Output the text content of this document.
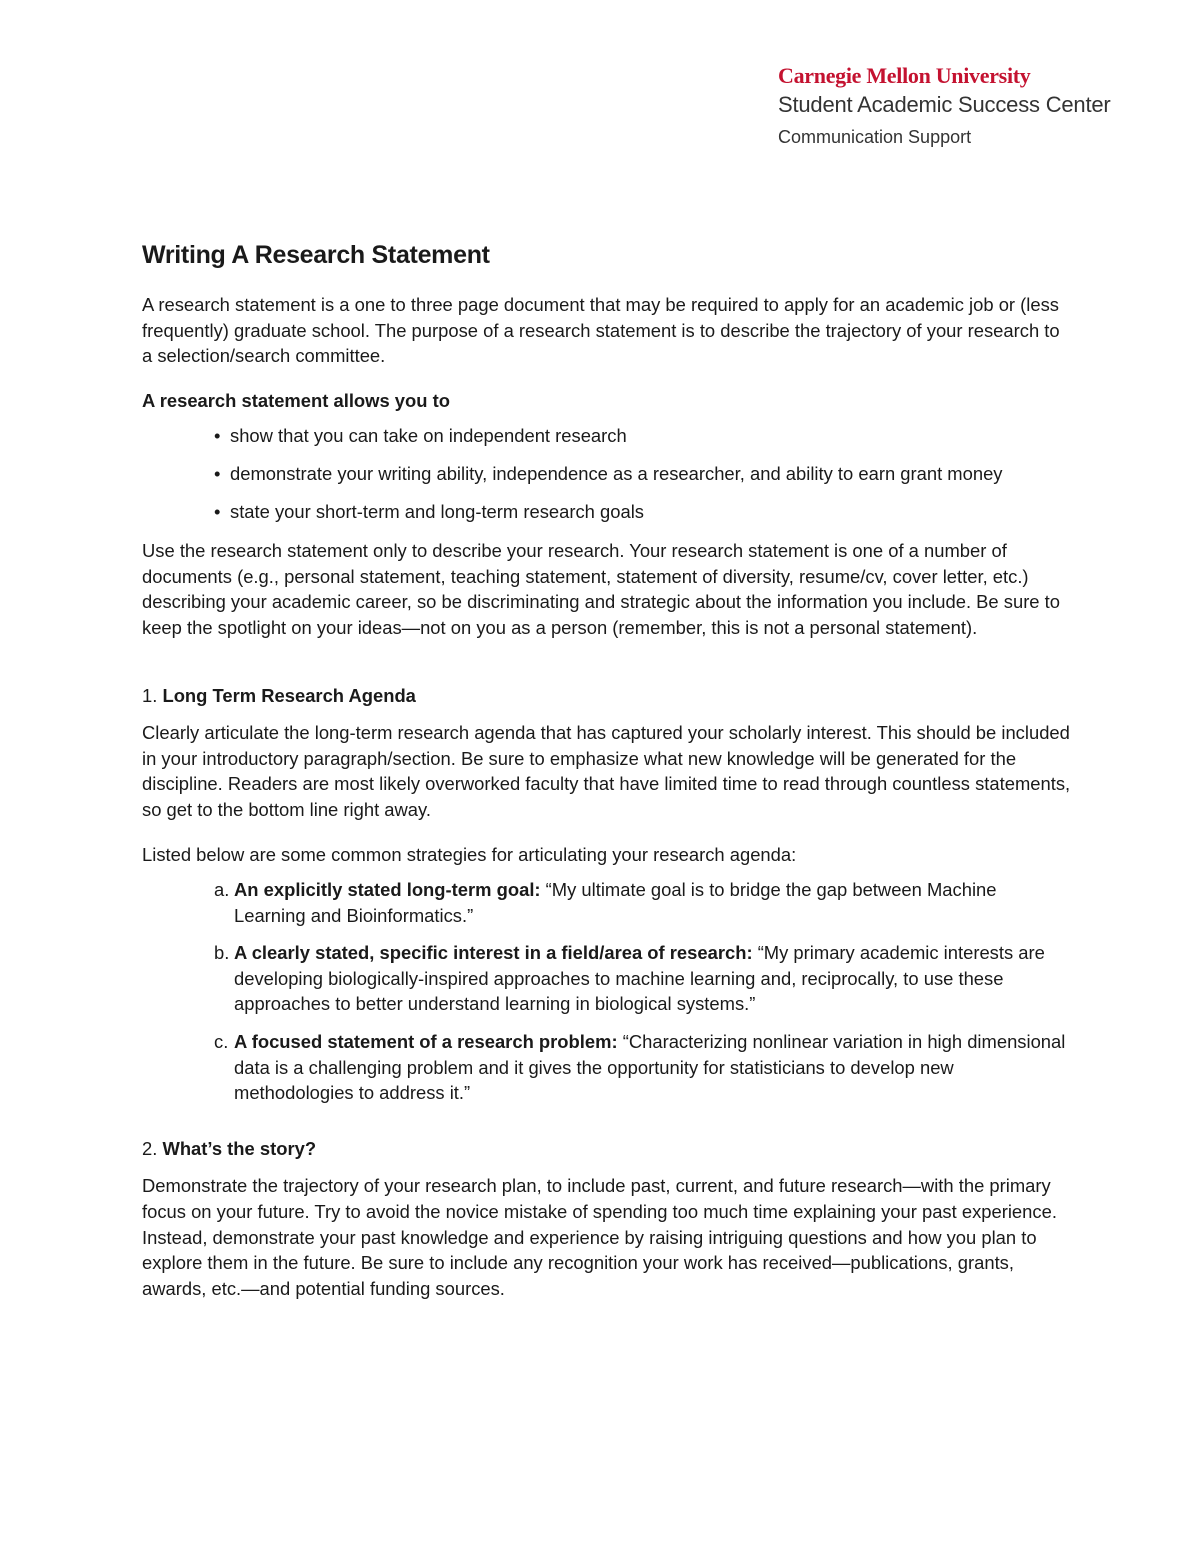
Carnegie Mellon University
Student Academic Success Center
Communication Support
Writing A Research Statement

A research statement is a one to three page document that may be required to apply for an academic job or (less frequently) graduate school. The purpose of a research statement is to describe the trajectory of your research to a selection/search committee.

A research statement allows you to

• show that you can take on independent research
• demonstrate your writing ability, independence as a researcher, and ability to earn grant money
• state your short-term and long-term research goals

Use the research statement only to describe your research. Your research statement is one of a number of documents (e.g., personal statement, teaching statement, statement of diversity, resume/cv, cover letter, etc.) describing your academic career, so be discriminating and strategic about the information you include. Be sure to keep the spotlight on your ideas—not on you as a person (remember, this is not a personal statement).

1. Long Term Research Agenda

Clearly articulate the long-term research agenda that has captured your scholarly interest. This should be included in your introductory paragraph/section. Be sure to emphasize what new knowledge will be generated for the discipline. Readers are most likely overworked faculty that have limited time to read through countless statements, so get to the bottom line right away.

Listed below are some common strategies for articulating your research agenda:

a. An explicitly stated long-term goal: “My ultimate goal is to bridge the gap between Machine Learning and Bioinformatics.”
b. A clearly stated, specific interest in a field/area of research: “My primary academic interests are developing biologically-inspired approaches to machine learning and, reciprocally, to use these approaches to better understand learning in biological systems.”
c. A focused statement of a research problem: “Characterizing nonlinear variation in high dimensional data is a challenging problem and it gives the opportunity for statisticians to develop new methodologies to address it.”

2. What’s the story?

Demonstrate the trajectory of your research plan, to include past, current, and future research—with the primary focus on your future. Try to avoid the novice mistake of spending too much time explaining your past experience. Instead, demonstrate your past knowledge and experience by raising intriguing questions and how you plan to explore them in the future. Be sure to include any recognition your work has received—publications, grants, awards, etc.—and potential funding sources.
